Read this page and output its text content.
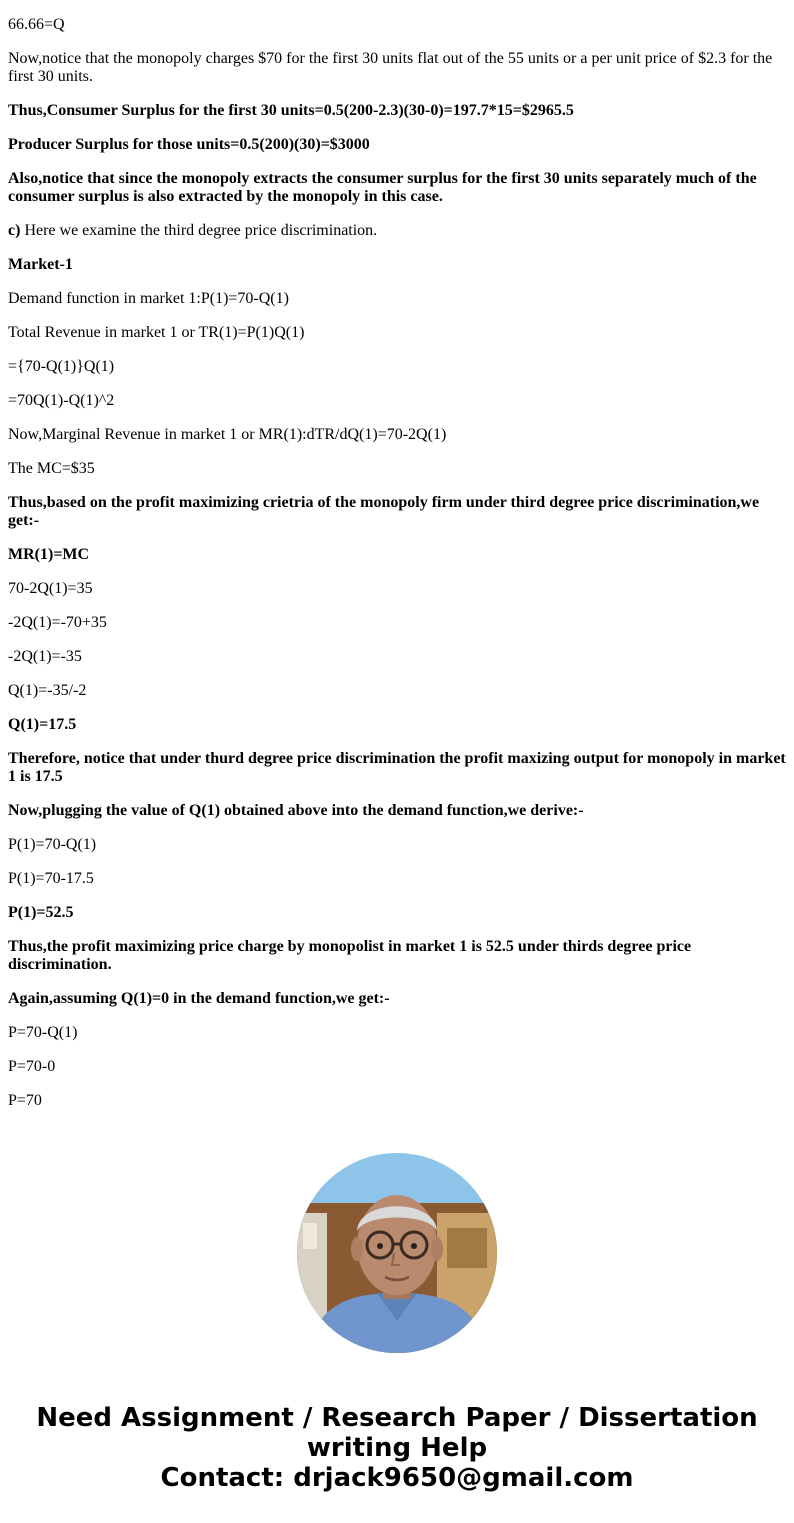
66.66=Q

Now,notice that the monopoly charges $70 for the first 30 units flat out of the 55 units or a per unit price of $2.3 for the first 30 units.

Thus,Consumer Surplus for the first 30 units=0.5(200-2.3)(30-0)=197.7*15=$2965.5

Producer Surplus for those units=0.5(200)(30)=$3000

Also,notice that since the monopoly extracts the consumer surplus for the first 30 units separately much of the consumer surplus is also extracted by the monopoly in this case.

c) Here we examine the third degree price discrimination.

Market-1

Demand function in market 1:P(1)=70-Q(1)

Total Revenue in market 1 or TR(1)=P(1)Q(1)

={70-Q(1)}Q(1)

=70Q(1)-Q(1)^2

Now,Marginal Revenue in market 1 or MR(1):dTR/dQ(1)=70-2Q(1)

The MC=$35

Thus,based on the profit maximizing crietria of the monopoly firm under third degree price discrimination,we get:-

MR(1)=MC

70-2Q(1)=35

-2Q(1)=-70+35

-2Q(1)=-35

Q(1)=-35/-2

Q(1)=17.5

Therefore, notice that under thurd degree price discrimination the profit maxizing output for monopoly in market 1 is 17.5

Now,plugging the value of Q(1) obtained above into the demand function,we derive:-

P(1)=70-Q(1)

P(1)=70-17.5

P(1)=52.5

Thus,the profit maximizing price charge by monopolist in market 1 is 52.5 under thirds degree price discrimination.

Again,assuming Q(1)=0 in the demand function,we get:-

P=70-Q(1)

P=70-0

P=70

Need Assignment / Research Paper / Dissertation
writing Help
Contact: drjack9650@gmail.com
